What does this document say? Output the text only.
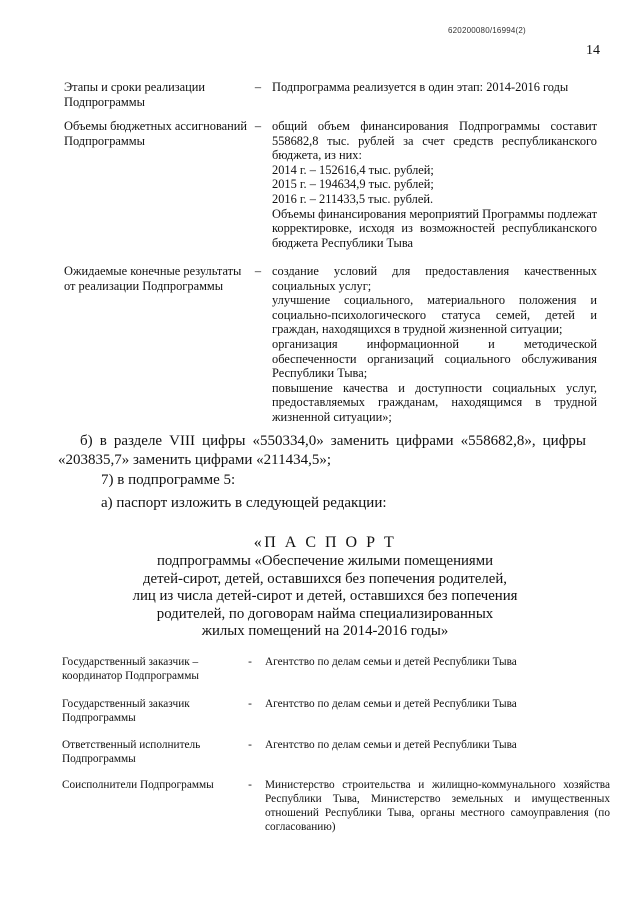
620200080/16994(2)
14
Этапы и сроки реализации Подпрограммы
– Подпрограмма реализуется в один этап: 2014-2016 годы

Объемы бюджетных ассигнований Подпрограммы
– общий объем финансирования Подпрограммы составит 558682,8 тыс. рублей за счет средств республиканского бюджета, из них:

2014 г. – 152616,4 тыс. рублей;

2015 г. – 194634,9 тыс. рублей;

2016 г. – 211433,5 тыс. рублей.

Объемы финансирования мероприятий Программы подлежат корректировке, исходя из возможностей республиканского бюджета Республики Тыва

Ожидаемые конечные результаты от реализации Подпрограммы
– создание условий для предоставления качественных социальных услуг;

улучшение социального, материального положения и социально-психологического статуса семей, детей и граждан, находящихся в трудной жизненной ситуации;

организация информационной и методической обеспеченности организаций социального обслуживания Республики Тыва;

повышение качества и доступности социальных услуг, предоставляемых гражданам, находящимся в трудной жизненной ситуации»;

б) в разделе VIII цифры «550334,0» заменить цифрами «558682,8», цифры «203835,7» заменить цифрами «211434,5»;
7) в подпрограмме 5:
а) паспорт изложить в следующей редакции:

«П А С П О Р Т

подпрограммы «Обеспечение жилыми помещениями

детей-сирот, детей, оставшихся без попечения родителей,

лиц из числа детей-сирот и детей, оставшихся без попечения

родителей, по договорам найма специализированных

жилых помещений на 2014-2016 годы»

Государственный заказчик – координатор Подпрограммы
- Агентство по делам семьи и детей Республики Тыва
Государственный заказчик Подпрограммы
- Агентство по делам семьи и детей Республики Тыва
Ответственный исполнитель Подпрограммы
- Агентство по делам семьи и детей Республики Тыва
Соисполнители Подпрограммы	- Министерство строительства и жилищно-коммунального хозяйства Республики Тыва, Министерство земельных и имущественных отношений Республики Тыва, органы местного самоуправления (по согласованию)
